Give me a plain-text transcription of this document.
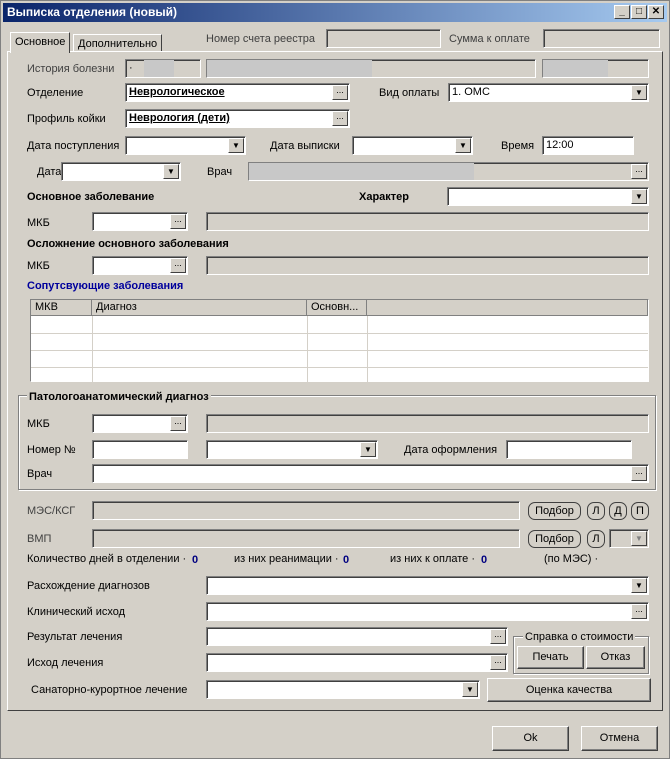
Выписка отделения (новый)	_	□ ✕
Основное	Дополнительно	Номер счета реестра	Сумма к оплате
История болезни	·
Отделение	Неврологическое	...	Вид оплаты	1. ОМС	▼
Профиль койки	Неврология (дети)	...
Дата поступления	▼	Дата выписки	▼	Время	12:00
Дата	▼	Врач	...
Основное заболевание	Характер	▼
МКБ	...
Осложнение основного заболевания
МКБ	...
Сопутсвующие заболевания
МКВ	Диагноз	Основн...
Патологоанатомический диагноз
МКБ	...
Номер №	▼	Дата оформления
Врач	...
МЭС/КСГ	Подбор	Л	Д	П
ВМП	Подбор	Л	▼
Количество дней в отделении · 0	из них реанимации · 0	из них к оплате · 0	(по МЭС) ·
Расхождение диагнозов	▼
Клинический исход	...
Результат лечения	...
Исход лечения	...
Санаторно-курортное лечение	▼
Справка о стоимости
Печать	Отказ
Оценка качества
Ok	Отмена
